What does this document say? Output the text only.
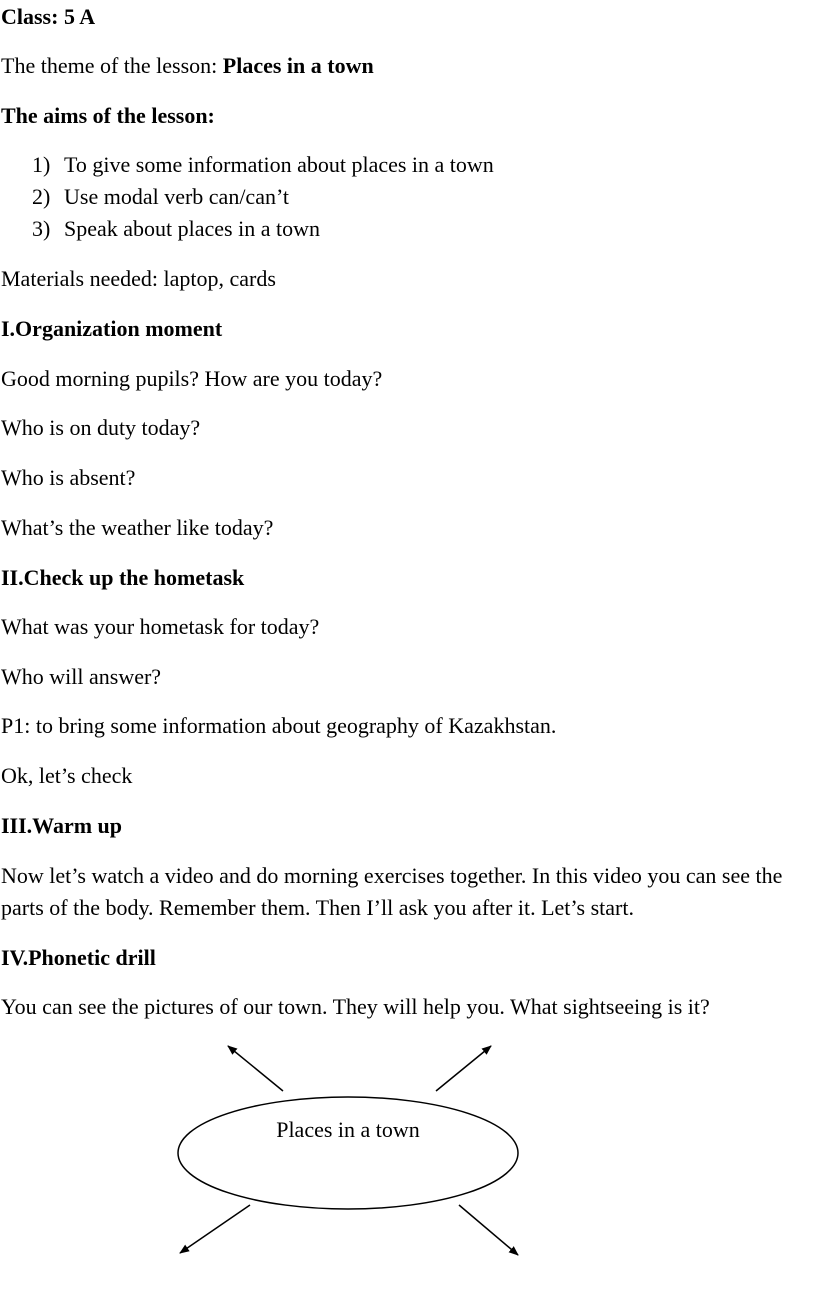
Class: 5 A
The theme of the lesson: Places in a town
The aims of the lesson:
1) To give some information about places in a town
2) Use modal verb can/can’t
3) Speak about places in a town
Materials needed: laptop, cards
I.Organization moment
Good morning pupils? How are you today?
Who is on duty today?
Who is absent?
What’s the weather like today?
II.Check up the hometask
What was your hometask for today?
Who will answer?
P1: to bring some information about geography of Kazakhstan.
Ok, let’s check
III.Warm up
Now let’s watch a video and do morning exercises together. In this video you can see the parts of the body. Remember them. Then I’ll ask you after it. Let’s start.
IV.Phonetic drill
You can see the pictures of our town. They will help you. What sightseeing is it?
Places in a town
